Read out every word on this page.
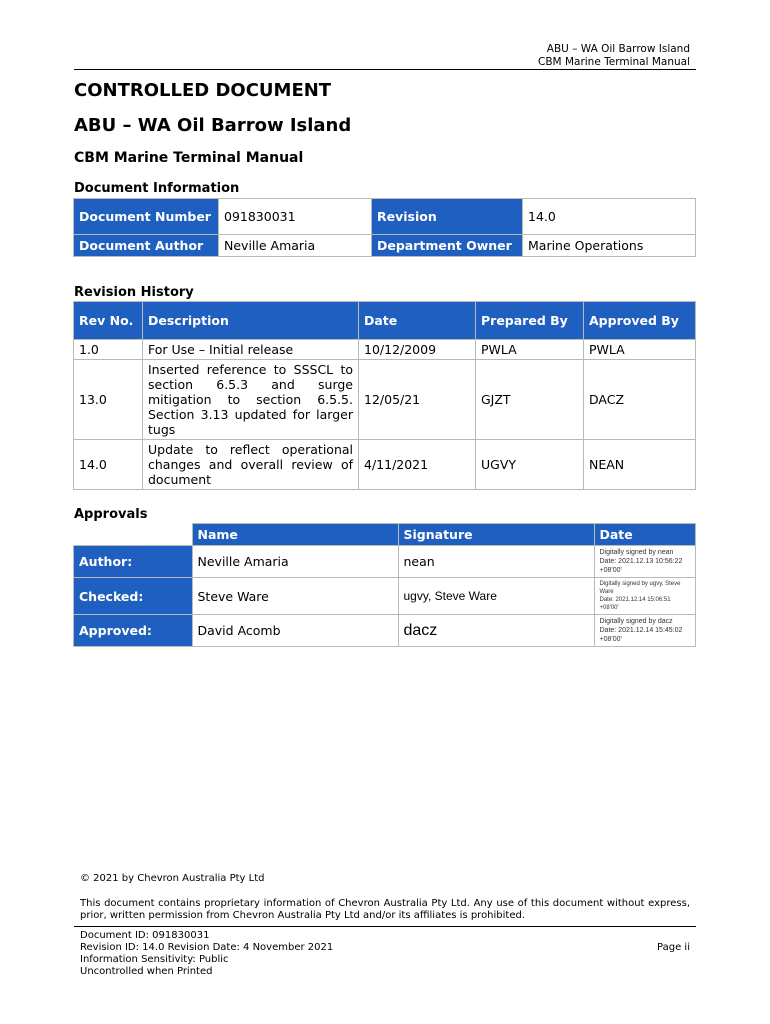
ABU – WA Oil Barrow Island
CBM Marine Terminal Manual
CONTROLLED DOCUMENT
ABU – WA Oil Barrow Island
CBM Marine Terminal Manual
Document Information
Document Number	091830031	Revision	14.0
Document Author	Neville Amaria	Department Owner	Marine Operations
Revision History
Rev No.	Description	Date	Prepared By	Approved By
1.0	For Use – Initial release	10/12/2009	PWLA	PWLA
13.0	Inserted reference to SSSCL to section 6.5.3 and surge mitigation to section 6.5.5. Section 3.13 updated for larger tugs	12/05/21	GJZT	DACZ
14.0	Update to reflect operational changes and overall review of document	4/11/2021	UGVY	NEAN
Approvals
	Name	Signature	Date
Author:	Neville Amaria	nean	Digitally signed by nean
Date: 2021.12.13 10:56:22 +08'00'

Checked:	Steve Ware	ugvy, Steve Ware	Digitally signed by ugvy, Steve Ware
Date: 2021.12.14 15:06:51 +08'00'

Approved:	David Acomb	dacz	Digitally signed by dacz
Date: 2021.12.14 15:45:02 +08'00'
© 2021 by Chevron Australia Pty Ltd
This document contains proprietary information of Chevron Australia Pty Ltd. Any use of this document without express, prior, written permission from Chevron Australia Pty Ltd and/or its affiliates is prohibited.
Document ID: 091830031
Revision ID: 14.0 Revision Date: 4 November 2021
Information Sensitivity: Public
Uncontrolled when Printed
Page ii
